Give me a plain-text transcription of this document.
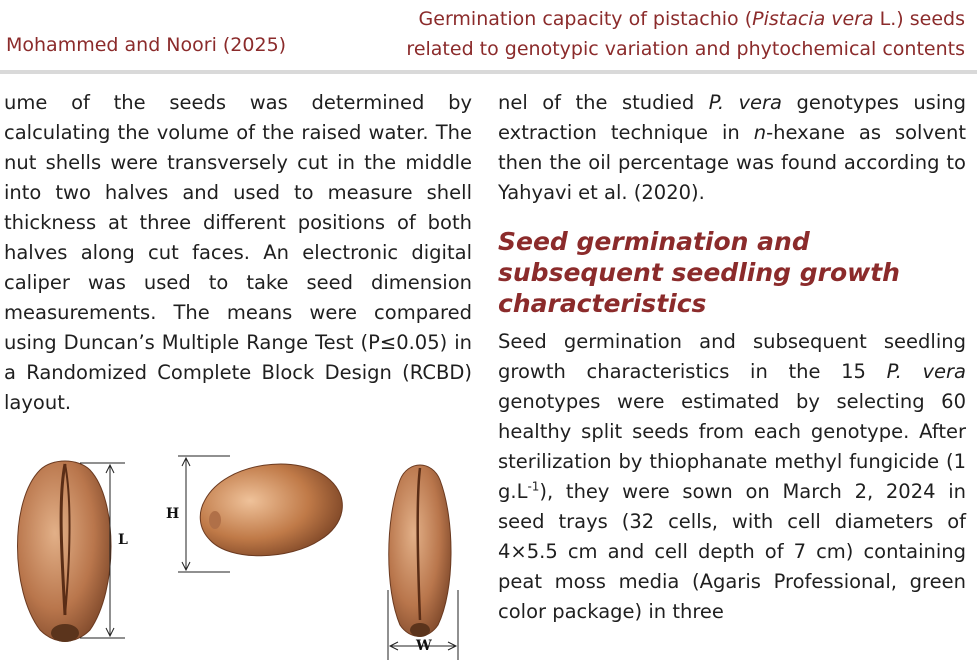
Mohammed and Noori (2025)
Germination capacity of pistachio (Pistacia vera L.) seeds
related to genotypic variation and phytochemical contents

ume of the seeds was determined by calculating the volume of the raised water. The nut shells were transversely cut in the middle into two halves and used to measure shell thickness at three different positions of both halves along cut faces. An electronic digital caliper was used to take seed dimension measurements. The means were compared using Duncan’s Multiple Range Test (P≤0.05) in a Randomized Complete Block Design (RCBD) layout.

nel of the studied P. vera genotypes using extraction technique in n-hexane as solvent then the oil percentage was found according to Yahyavi et al. (2020).

Seed germination and subsequent seedling growth characteristics

Seed germination and subsequent seedling growth characteristics in the 15 P. vera genotypes were estimated by selecting 60 healthy split seeds from each genotype. After sterilization by thiophanate methyl fungicide (1 $g.L^{-1}$), they were sown on March 2, 2024 in seed trays (32 cells, with cell diameters of 4×5.5 cm and cell depth of 7 cm) containing peat moss media (Agaris Professional, green color package) in three

L
H
W
